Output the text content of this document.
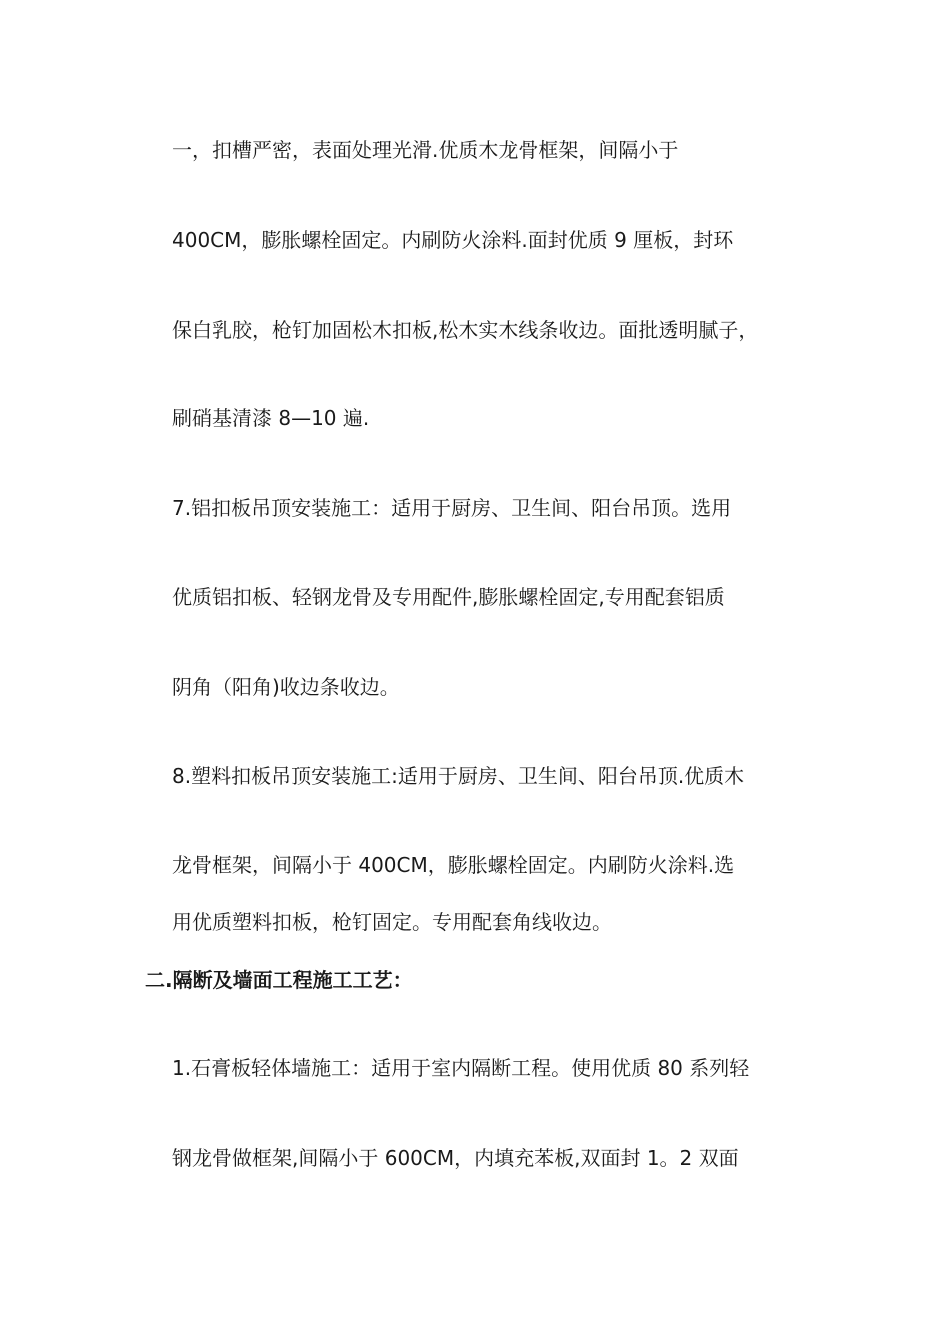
一，扣槽严密，表面处理光滑.优质木龙骨框架，间隔小于

400CM，膨胀螺栓固定。内刷防火涂料.面封优质 9 厘板，封环

保白乳胶，枪钉加固松木扣板,松木实木线条收边。面批透明腻子，

刷硝基清漆 8—10 遍.

7.铝扣板吊顶安装施工：适用于厨房、卫生间、阳台吊顶。选用

优质铝扣板、轻钢龙骨及专用配件,膨胀螺栓固定,专用配套铝质

阴角（阳角)收边条收边。

8.塑料扣板吊顶安装施工:适用于厨房、卫生间、阳台吊顶.优质木

龙骨框架，间隔小于 400CM，膨胀螺栓固定。内刷防火涂料.选

用优质塑料扣板，枪钉固定。专用配套角线收边。

二.隔断及墙面工程施工工艺：

1.石膏板轻体墙施工：适用于室内隔断工程。使用优质 80 系列轻

钢龙骨做框架,间隔小于 600CM，内填充苯板,双面封 1。2 双面
